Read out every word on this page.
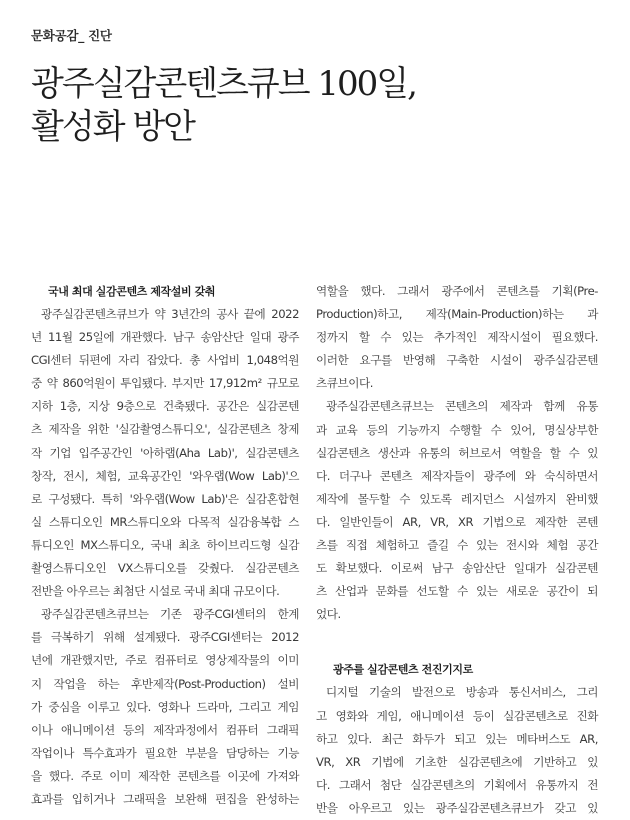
문화공감_ 진단
광주실감콘텐츠큐브 100일,
활성화 방안
국내 최대 실감콘텐츠 제작설비 갖춰
광주실감콘텐츠큐브가 약 3년간의 공사 끝에 2022
년 11월 25일에 개관했다. 남구 송암산단 일대 광주
CGI센터 뒤편에 자리 잡았다. 총 사업비 1,048억원
중 약 860억원이 투입됐다. 부지만 17,912m² 규모로
지하 1층, 지상 9층으로 건축됐다. 공간은 실감콘텐
츠 제작을 위한 '실감촬영스튜디오', 실감콘텐츠 창제
작 기업 입주공간인 '아하랩(Aha Lab)', 실감콘텐츠
창작, 전시, 체험, 교육공간인 '와우랩(Wow Lab)'으
로 구성됐다. 특히 '와우랩(Wow Lab)'은 실감혼합현
실 스튜디오인 MR스튜디오와 다목적 실감융복합 스
튜디오인 MX스튜디오, 국내 최초 하이브리드형 실감
촬영스튜디오인 VX스튜디오를 갖췄다. 실감콘텐츠
전반을 아우르는 최첨단 시설로 국내 최대 규모이다.
광주실감콘텐츠큐브는 기존 광주CGI센터의 한계
를 극복하기 위해 설계됐다. 광주CGI센터는 2012
년에 개관했지만, 주로 컴퓨터로 영상제작물의 이미
지 작업을 하는 후반제작(Post-Production) 설비
가 중심을 이루고 있다. 영화나 드라마, 그리고 게임
이나 애니메이션 등의 제작과정에서 컴퓨터 그래픽
작업이나 특수효과가 필요한 부분을 담당하는 기능
을 했다. 주로 이미 제작한 콘텐츠를 이곳에 가져와
효과를 입히거나 그래픽을 보완해 편집을 완성하는
역할을 했다. 그래서 광주에서 콘텐츠를 기획(Pre-
Production)하고, 제작(Main-Production)하는 과
정까지 할 수 있는 추가적인 제작시설이 필요했다.
이러한 요구를 반영해 구축한 시설이 광주실감콘텐
츠큐브이다.
광주실감콘텐츠큐브는 콘텐츠의 제작과 함께 유통
과 교육 등의 기능까지 수행할 수 있어, 명실상부한
실감콘텐츠 생산과 유통의 허브로서 역할을 할 수 있
다. 더구나 콘텐츠 제작자들이 광주에 와 숙식하면서
제작에 몰두할 수 있도록 레지던스 시설까지 완비했
다. 일반인들이 AR, VR, XR 기법으로 제작한 콘텐
츠를 직접 체험하고 즐길 수 있는 전시와 체험 공간
도 확보했다. 이로써 남구 송암산단 일대가 실감콘텐
츠 산업과 문화를 선도할 수 있는 새로운 공간이 되
었다.
광주를 실감콘텐츠 전진기지로
디지털 기술의 발전으로 방송과 통신서비스, 그리
고 영화와 게임, 애니메이션 등이 실감콘텐츠로 진화
하고 있다. 최근 화두가 되고 있는 메타버스도 AR,
VR, XR 기법에 기초한 실감콘텐츠에 기반하고 있
다. 그래서 첨단 실감콘텐츠의 기획에서 유통까지 전
반을 아우르고 있는 광주실감콘텐츠큐브가 갖고 있
